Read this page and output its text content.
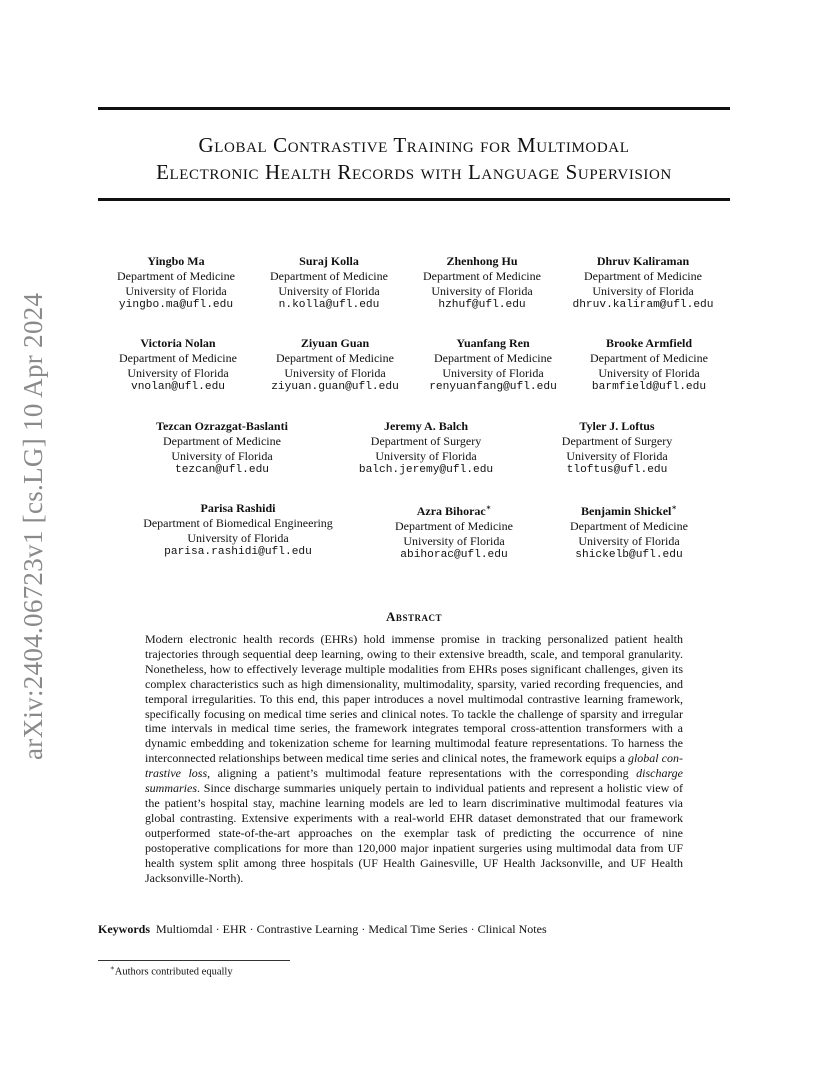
Global Contrastive Training for Multimodal
Electronic Health Records with Language Supervision
arXiv:2404.06723v1 [cs.LG] 10 Apr 2024
Yingbo Ma
Department of Medicine
University of Florida
yingbo.ma@ufl.edu
Suraj Kolla
Department of Medicine
University of Florida
n.kolla@ufl.edu
Zhenhong Hu
Department of Medicine
University of Florida
hzhuf@ufl.edu
Dhruv Kaliraman
Department of Medicine
University of Florida
dhruv.kaliram@ufl.edu
Victoria Nolan
Department of Medicine
University of Florida
vnolan@ufl.edu
Ziyuan Guan
Department of Medicine
University of Florida
ziyuan.guan@ufl.edu
Yuanfang Ren
Department of Medicine
University of Florida
renyuanfang@ufl.edu
Brooke Armfield
Department of Medicine
University of Florida
barmfield@ufl.edu
Tezcan Ozrazgat-Baslanti
Department of Medicine
University of Florida
tezcan@ufl.edu
Jeremy A. Balch
Department of Surgery
University of Florida
balch.jeremy@ufl.edu
Tyler J. Loftus
Department of Surgery
University of Florida
tloftus@ufl.edu
Parisa Rashidi
Department of Biomedical Engineering
University of Florida
parisa.rashidi@ufl.edu
Azra Bihorac∗
Department of Medicine
University of Florida
abihorac@ufl.edu
Benjamin Shickel∗
Department of Medicine
University of Florida
shickelb@ufl.edu
Abstract
Modern electronic health records (EHRs) hold immense promise in tracking personalized patient health trajectories through sequential deep learning, owing to their extensive breadth, scale, and temporal granularity. Nonetheless, how to effectively leverage multiple modalities from EHRs poses significant challenges, given its complex characteristics such as high dimensionality, multimodality, sparsity, varied recording frequencies, and temporal irregularities. To this end, this paper introduces a novel multimodal contrastive learning framework, specifically focusing on medical time series and clinical notes. To tackle the challenge of sparsity and irregular time intervals in medical time series, the framework integrates temporal cross-attention transformers with a dynamic embedding and tokenization scheme for learning multimodal feature representations. To harness the interconnected relationships between medical time series and clinical notes, the framework equips a global con-trastive loss, aligning a patient’s multimodal feature representations with the corresponding discharge summaries. Since discharge summaries uniquely pertain to individual patients and represent a holistic view of the patient’s hospital stay, machine learning models are led to learn discriminative multimodal features via global contrasting. Extensive experiments with a real-world EHR dataset demonstrated that our framework outperformed state-of-the-art approaches on the exemplar task of predicting the occurrence of nine postoperative complications for more than 120,000 major inpatient surgeries using multimodal data from UF health system split among three hospitals (UF Health Gainesville, UF Health Jacksonville, and UF Health Jacksonville-North).
Keywords Multiomdal · EHR · Contrastive Learning · Medical Time Series · Clinical Notes
∗Authors contributed equally
